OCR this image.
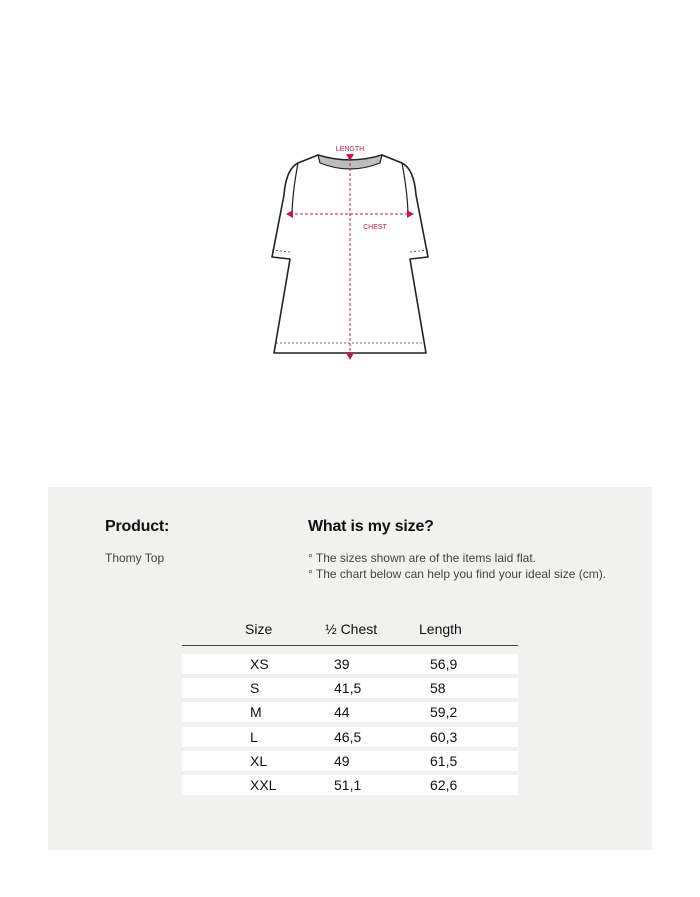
LENGTH
CHEST
Product:
Thomy Top
What is my size?
° The sizes shown are of the items laid flat.
° The chart below can help you find your ideal size (cm).
Size	½ Chest	Length
XS	39	56,9
S	41,5	58
M	44	59,2
L	46,5	60,3
XL	49	61,5
XXL	51,1	62,6
